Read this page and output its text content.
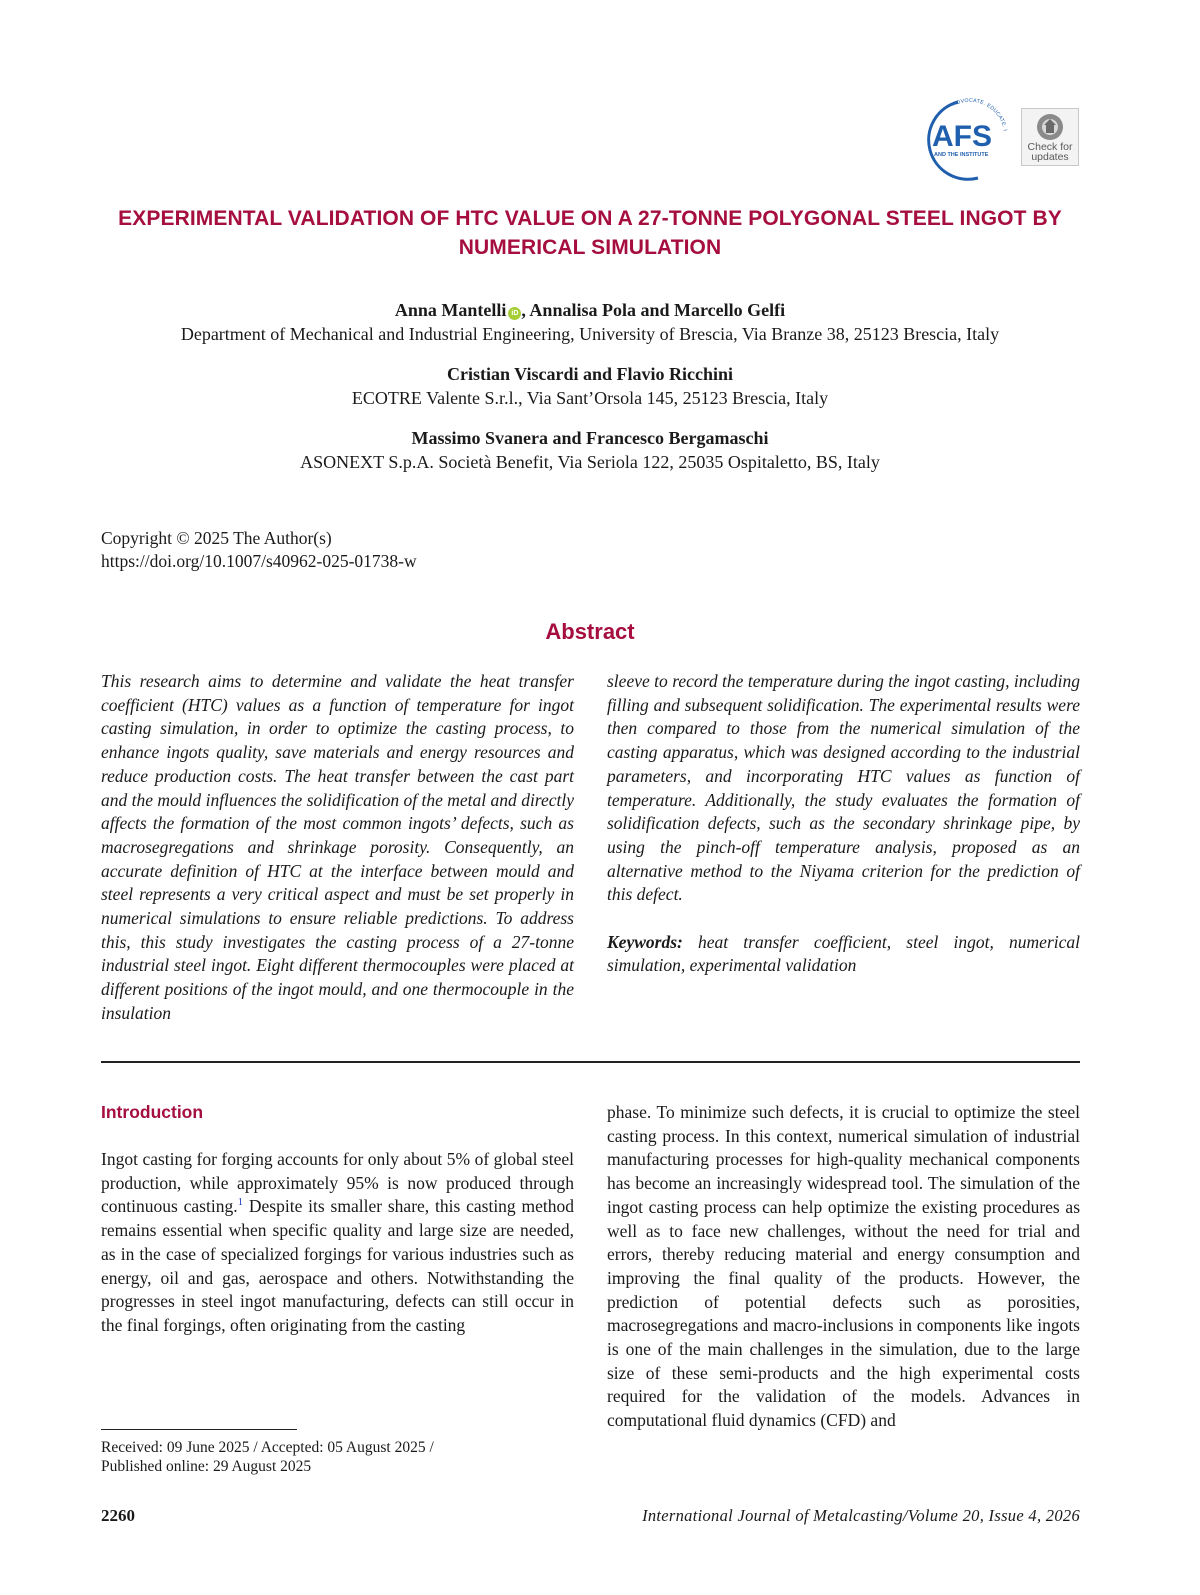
ADVOCATE. EDUCATE. I
AFS
AND THE INSTITUTE
Check for
updates
EXPERIMENTAL VALIDATION OF HTC VALUE ON A 27-TONNE POLYGONAL STEEL INGOT BY NUMERICAL SIMULATION
Anna Mantelli iD , Annalisa Pola and Marcello Gelfi
Department of Mechanical and Industrial Engineering, University of Brescia, Via Branze 38, 25123 Brescia, Italy
Cristian Viscardi and Flavio Ricchini
ECOTRE Valente S.r.l., Via Sant’Orsola 145, 25123 Brescia, Italy
Massimo Svanera and Francesco Bergamaschi
ASONEXT S.p.A. Società Benefit, Via Seriola 122, 25035 Ospitaletto, BS, Italy
Copyright © 2025 The Author(s)
https://doi.org/10.1007/s40962-025-01738-w
Abstract
This research aims to determine and validate the heat transfer coefficient (HTC) values as a function of temperature for ingot casting simulation, in order to optimize the casting process, to enhance ingots quality, save materials and energy resources and reduce production costs. The heat transfer between the cast part and the mould influences the solidification of the metal and directly affects the formation of the most common ingots’ defects, such as macrosegregations and shrinkage porosity. Consequently, an accurate definition of HTC at the interface between mould and steel represents a very critical aspect and must be set properly in numerical simulations to ensure reliable predictions. To address this, this study investigates the casting process of a 27-tonne industrial steel ingot. Eight different thermocouples were placed at different positions of the ingot mould, and one thermocouple in the insulation
sleeve to record the temperature during the ingot casting, including filling and subsequent solidification. The experimental results were then compared to those from the numerical simulation of the casting apparatus, which was designed according to the industrial parameters, and incorporating HTC values as function of temperature. Additionally, the study evaluates the formation of solidification defects, such as the secondary shrinkage pipe, by using the pinch-off temperature analysis, proposed as an alternative method to the Niyama criterion for the prediction of this defect.
Keywords: heat transfer coefficient, steel ingot, numerical simulation, experimental validation
Introduction
Ingot casting for forging accounts for only about 5% of global steel production, while approximately 95% is now produced through continuous casting.$^1$ Despite its smaller share, this casting method remains essential when specific quality and large size are needed, as in the case of specialized forgings for various industries such as energy, oil and gas, aerospace and others. Notwithstanding the progresses in steel ingot manufacturing, defects can still occur in the final forgings, often originating from the casting
phase. To minimize such defects, it is crucial to optimize the steel casting process. In this context, numerical simulation of industrial manufacturing processes for high-quality mechanical components has become an increasingly widespread tool. The simulation of the ingot casting process can help optimize the existing procedures as well as to face new challenges, without the need for trial and errors, thereby reducing material and energy consumption and improving the final quality of the products. However, the prediction of potential defects such as porosities, macrosegregations and macro-inclusions in components like ingots is one of the main challenges in the simulation, due to the large size of these semi-products and the high experimental costs required for the validation of the models. Advances in computational fluid dynamics (CFD) and
Received: 09 June 2025 / Accepted: 05 August 2025 /
Published online: 29 August 2025
2260	International Journal of Metalcasting/Volume 20, Issue 4, 2026
